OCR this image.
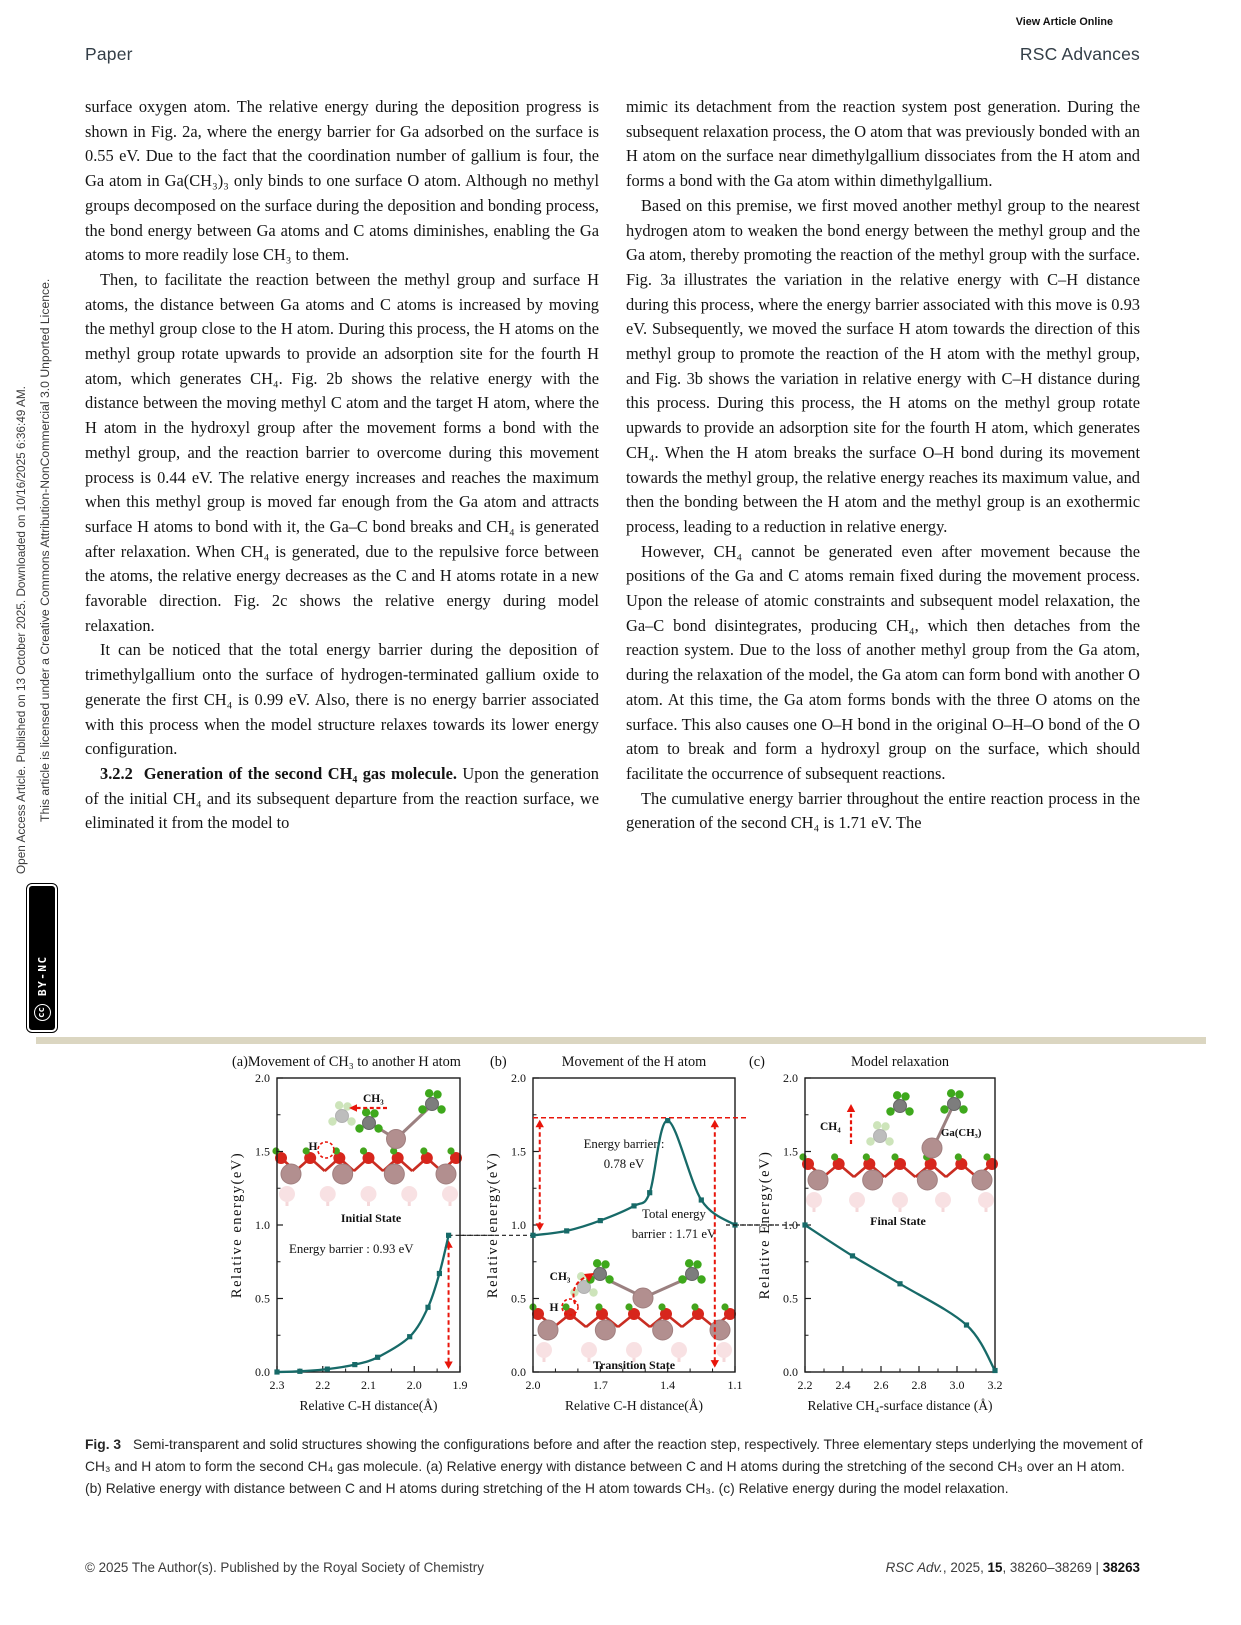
View Article Online
Paper	RSC Advances
Open Access Article. Published on 13 October 2025. Downloaded on 10/16/2025 6:36:49 AM. This article is licensed under a Creative Commons Attribution-NonCommercial 3.0 Unported Licence.
cc
BY-NC

surface oxygen atom. The relative energy during the deposition progress is shown in Fig. 2a, where the energy barrier for Ga adsorbed on the surface is 0.55 eV. Due to the fact that the coordination number of gallium is four, the Ga atom in Ga(CH₃)₃ only binds to one surface O atom. Although no methyl groups decomposed on the surface during the deposition and bonding process, the bond energy between Ga atoms and C atoms diminishes, enabling the Ga atoms to more readily lose CH₃ to them.

Then, to facilitate the reaction between the methyl group and surface H atoms, the distance between Ga atoms and C atoms is increased by moving the methyl group close to the H atom. During this process, the H atoms on the methyl group rotate upwards to provide an adsorption site for the fourth H atom, which generates CH₄. Fig. 2b shows the relative energy with the distance between the moving methyl C atom and the target H atom, where the H atom in the hydroxyl group after the movement forms a bond with the methyl group, and the reaction barrier to overcome during this movement process is 0.44 eV. The relative energy increases and reaches the maximum when this methyl group is moved far enough from the Ga atom and attracts surface H atoms to bond with it, the Ga–C bond breaks and CH₄ is generated after relaxation. When CH₄ is generated, due to the repulsive force between the atoms, the relative energy decreases as the C and H atoms rotate in a new favorable direction. Fig. 2c shows the relative energy during model relaxation.

It can be noticed that the total energy barrier during the deposition of trimethylgallium onto the surface of hydrogen-terminated gallium oxide to generate the first CH₄ is 0.99 eV. Also, there is no energy barrier associated with this process when the model structure relaxes towards its lower energy configuration.

3.2.2 Generation of the second CH₄ gas molecule. Upon the generation of the initial CH₄ and its subsequent departure from the reaction surface, we eliminated it from the model to

mimic its detachment from the reaction system post generation. During the subsequent relaxation process, the O atom that was previously bonded with an H atom on the surface near dimethylgallium dissociates from the H atom and forms a bond with the Ga atom within dimethylgallium.

Based on this premise, we first moved another methyl group to the nearest hydrogen atom to weaken the bond energy between the methyl group and the Ga atom, thereby promoting the reaction of the methyl group with the surface. Fig. 3a illustrates the variation in the relative energy with C–H distance during this process, where the energy barrier associated with this move is 0.93 eV. Subsequently, we moved the surface H atom towards the direction of this methyl group to promote the reaction of the H atom with the methyl group, and Fig. 3b shows the variation in relative energy with C–H distance during this process. During this process, the H atoms on the methyl group rotate upwards to provide an adsorption site for the fourth H atom, which generates CH₄. When the H atom breaks the surface O–H bond during its movement towards the methyl group, the relative energy reaches its maximum value, and then the bonding between the H atom and the methyl group is an exothermic process, leading to a reduction in relative energy.

However, CH₄ cannot be generated even after movement because the positions of the Ga and C atoms remain fixed during the movement process. Upon the release of atomic constraints and subsequent model relaxation, the Ga–C bond disintegrates, producing CH₄, which then detaches from the reaction system. Due to the loss of another methyl group from the Ga atom, during the relaxation of the model, the Ga atom can form bond with another O atom. At this time, the Ga atom forms bonds with the three O atoms on the surface. This also causes one O–H bond in the original O–H–O bond of the O atom to break and form a hydroxyl group on the surface, which should facilitate the occurrence of subsequent reactions.

The cumulative energy barrier throughout the entire reaction process in the generation of the second CH₄ is 1.71 eV. The

(a)Movement of CH₃ to another H atom
CH₃
H
Initial State
0.0
0.5
1.0
1.5
2.0
2.3	2.2	2.1	2.0	1.9
Relative energy(eV)
Relative C-H distance(Å)
Energy barrier : 0.93 eV
(b)	Movement of the H atom
CH₃
H
Transition State
0.0
0.5
1.0
1.5
2.0
2.0	1.7	1.4	1.1
Relative energy(eV)
Relative C-H distance(Å)
Energy barrier :
0.78 eV
Total energy
barrier : 1.71 eV
(c)	Model relaxation
CH₄	Ga(CH₃)
Final State
0.0
0.5
1.0
1.5
2.0
2.2 2.4 2.6 2.8 3.0 3.2
Relative Energy(eV)
Relative CH₄-surface distance (Å)
Fig. 3 Semi-transparent and solid structures showing the configurations before and after the reaction step, respectively. Three elementary steps underlying the movement of CH₃ and H atom to form the second CH₄ gas molecule. (a) Relative energy with distance between C and H atoms during the stretching of the second CH₃ over an H atom. (b) Relative energy with distance between C and H atoms during stretching of the H atom towards CH₃. (c) Relative energy during the model relaxation.
© 2025 The Author(s). Published by the Royal Society of Chemistry	RSC Adv., 2025, 15, 38260–38269 | 38263
